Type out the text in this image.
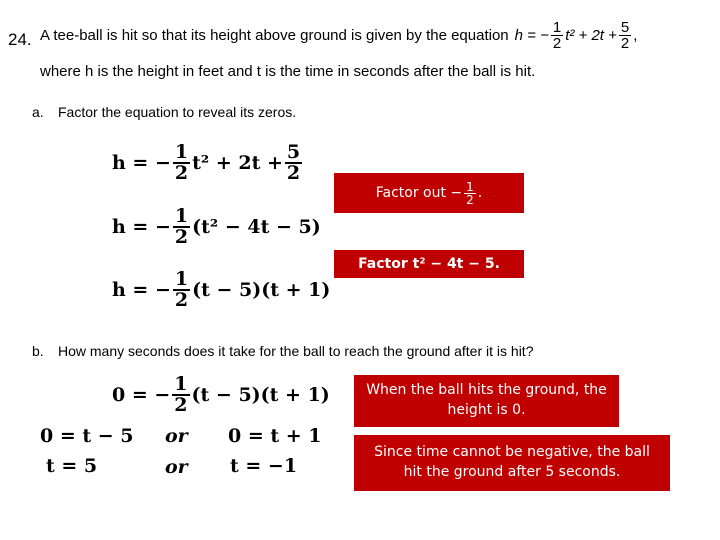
24. A tee-ball is hit so that its height above ground is given by the equation h = − $\frac{1}{2} t^2 + 2t + \frac{5}{2}$ ,
where h is the height in feet and t is the time in seconds after the ball is hit.
a. Factor the equation to reveal its zeros.
h = − $\frac{1}{2} t^2 + 2t + \frac{5}{2}$
h = − $\frac{1}{2} (t^2 - 4t - 5)$
h = − $\frac{1}{2} (t - 5)(t + 1)$
Factor out − $\frac{1}{2}$ .
Factor t² − 4t − 5.
b. How many seconds does it take for the ball to reach the ground after it is hit?
0 = − $\frac{1}{2} (t - 5)(t + 1)$
0 = t − 5 or 0 = t + 1
t = 5	or t = −1
When the ball hits the ground, the height is 0.
Since time cannot be negative, the ball hit the ground after 5 seconds.
